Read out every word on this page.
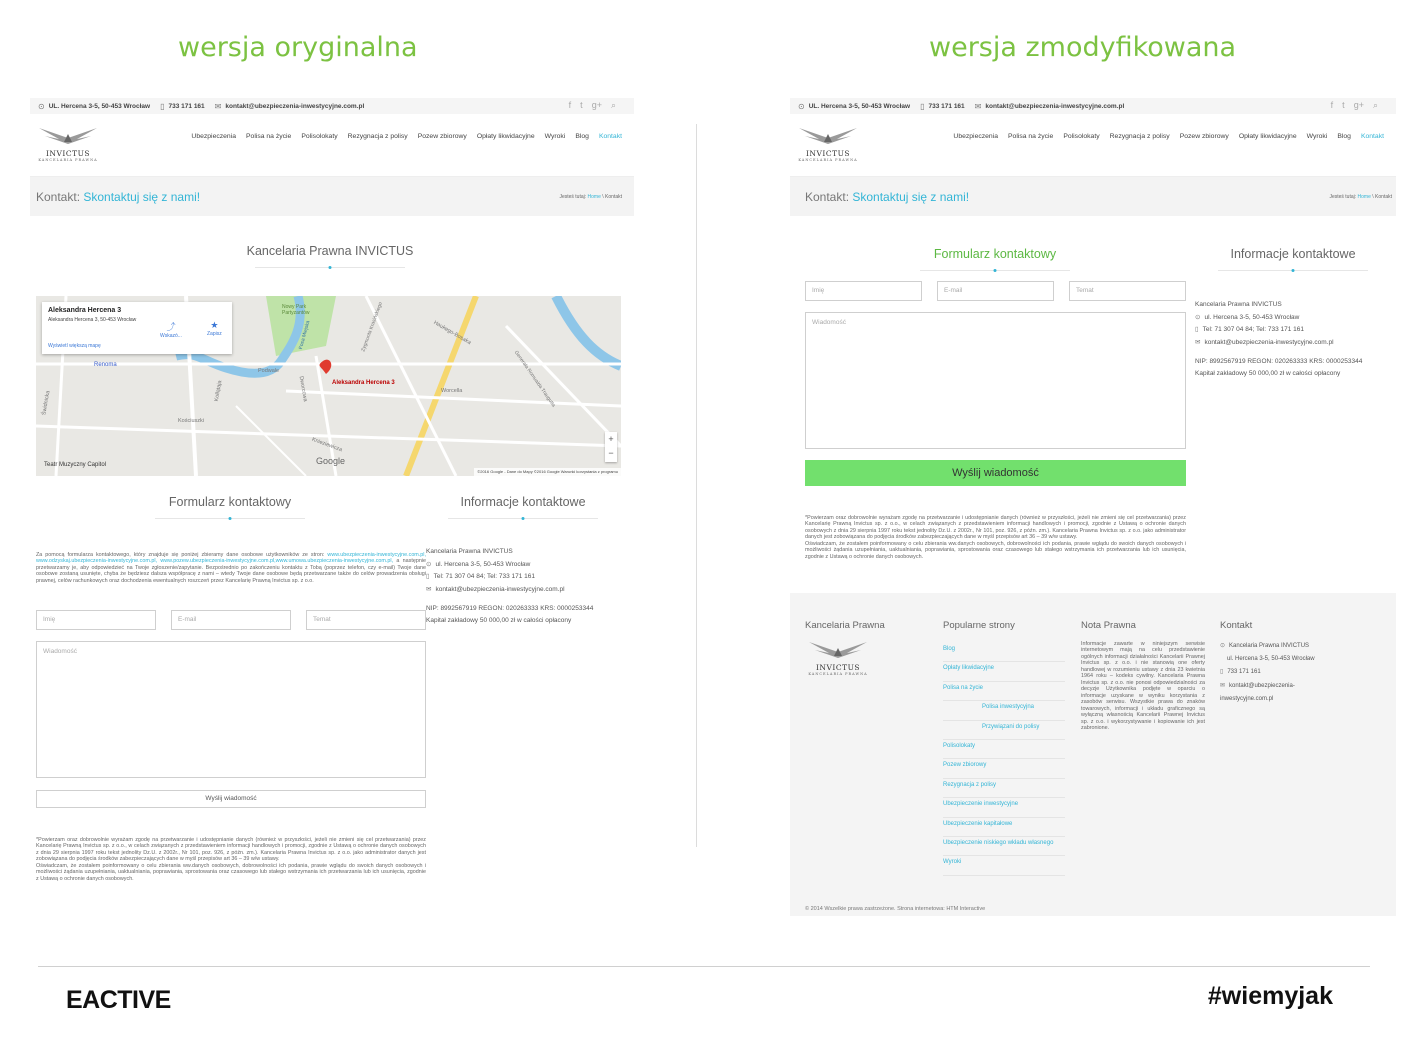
wersja oryginalna	wersja zmodyfikowana
⊙ UL. Hercena 3-5, 50-453 Wrocław ▯ 733 171 161 ✉ kontakt@ubezpieczenia-inwestycyjne.com.pl	f t g+ ⌕
INVICTUS
KANCELARIA PRAWNA
Ubezpieczenia Polisa na życie Polisolokaty Rezygnacja z polisy Pozew zbiorowy Opłaty likwidacyjne Wyroki Blog Kontakt
Kontakt: Skontaktuj się z nami!	Jesteś tutaj: Home \ Kontakt
Kancelaria Prawna INVICTUS
Aleksandra Hercena 3
Aleksandra Hercena 3, 50-453 Wrocław
⤴
Wskazó...
★
Zapisz
Wyświetl większą mapę
Aleksandra Hercena 3
Renoma
Teatr Muzyczny Capitol
Nowy Park Partyzantów
Podwale
Kościuszki
Dworcowa
Zygmunta Krasińskiego	Haukego-Bosaka
Worcella
Kołłątaja
Knieziewicza
Generała Romualda Traugutta
Świdnicka
Fosa Miejska
Google
+
−
©2016 Google - Dane do Mapy ©2016 Google Warunki korzystania z programu
Formularz kontaktowy	Informacje kontaktowe
Za pomocą formularza kontaktowego, który znajduje się poniżej zbieramy dane osobowe użytkowników ze stron: www.ubezpieczenia-inwestycyjne.com.pl, www.odzyskaj.ubezpieczenia-inwestycyjne.com.pl, www.pozew.ubezpieczenia-inwestycyjne.com.pl,www.umowa.ubezpieczenia-inwestycyjne.com.pl, a następnie przetwarzamy je, aby odpowiedzieć na Twoje zgłoszenie/zapytanie. Bezpośrednio po zakończeniu kontaktu z Tobą (poprzez telefon, czy e-mail) Twoje dane osobowe zostaną usunięte, chyba że będziesz dalsza współpracę z nami – wtedy Twoje dane osobowe będą przetwarzane także do celów prowadzenia obsługi prawnej, celów rachunkowych oraz dochodzenia ewentualnych roszczeń przez Kancelarię Prawną Invictus sp. z o.o.
Kancelaria Prawna INVICTUS
⊙ ul. Hercena 3-5, 50-453 Wrocław
▯ Tel: 71 307 04 84; Tel: 733 171 161
✉ kontakt@ubezpieczenia-inwestycyjne.com.pl
NIP: 8992567919 REGON: 020263333 KRS: 0000253344
Kapitał zakładowy 50 000,00 zł w całości opłacony
Imię	E-mail	Temat
Wiadomość
Wyślij wiadomość
*Powierzam oraz dobrowolnie wyrażam zgodę na przetwarzanie i udostępnianie danych (również w przyszłości, jeżeli nie zmieni się cel przetwarzania) przez Kancelarię Prawną Invictus sp. z o.o., w celach związanych z przedstawieniem informacji handlowych i promocji, zgodnie z Ustawą o ochronie danych osobowych z dnia 29 sierpnia 1997 roku tekst jednolity Dz.U. z 2002r., Nr 101, poz. 926, z późn. zm.). Kancelaria Prawna Invictus sp. z o.o. jako administrator danych jest zobowiązana do podjęcia środków zabezpieczających dane w myśl przepisów art 36 – 39 w/w ustawy.
Oświadczam, że zostałem poinformowany o celu zbierania ww.danych osobowych, dobrowolności ich podania, prawie wglądu do swoich danych osobowych i możliwości żądania uzupełniania, uaktualniania, poprawiania, sprostowania oraz czasowego lub stałego wstrzymania ich przetwarzania lub ich usunięcia, zgodnie z Ustawą o ochronie danych osobowych.
⊙ UL. Hercena 3-5, 50-453 Wrocław ▯ 733 171 161 ✉ kontakt@ubezpieczenia-inwestycyjne.com.pl	f t g+ ⌕
INVICTUS
KANCELARIA PRAWNA
Ubezpieczenia Polisa na życie Polisolokaty Rezygnacja z polisy Pozew zbiorowy Opłaty likwidacyjne Wyroki Blog Kontakt
Kontakt: Skontaktuj się z nami!	Jesteś tutaj: Home \ Kontakt
Formularz kontaktowy	Informacje kontaktowe
Imię	E-mail	Temat
Wiadomość
Wyślij wiadomość
Kancelaria Prawna INVICTUS
⊙ ul. Hercena 3-5, 50-453 Wrocław
▯ Tel: 71 307 04 84; Tel: 733 171 161
✉ kontakt@ubezpieczenia-inwestycyjne.com.pl
NIP: 8992567919 REGON: 020263333 KRS: 0000253344
Kapitał zakładowy 50 000,00 zł w całości opłacony
*Powierzam oraz dobrowolnie wyrażam zgodę na przetwarzanie i udostępnianie danych (również w przyszłości, jeżeli nie zmieni się cel przetwarzania) przez Kancelarię Prawną Invictus sp. z o.o., w celach związanych z przedstawieniem informacji handlowych i promocji, zgodnie z Ustawą o ochronie danych osobowych z dnia 29 sierpnia 1997 roku tekst jednolity Dz.U. z 2002r., Nr 101, poz. 926, z późn. zm.). Kancelaria Prawna Invictus sp. z o.o. jako administrator danych jest zobowiązana do podjęcia środków zabezpieczających dane w myśl przepisów art 36 – 39 w/w ustawy.
Oświadczam, że zostałem poinformowany o celu zbierania ww.danych osobowych, dobrowolności ich podania, prawie wglądu do swoich danych osobowych i możliwości żądania uzupełniania, uaktualniania, poprawiania, sprostowania oraz czasowego lub stałego wstrzymania ich przetwarzania lub ich usunięcia, zgodnie z Ustawą o ochronie danych osobowych.
Kancelaria Prawna
INVICTUS
KANCELARIA PRAWNA
Popularne strony
Blog
Opłaty likwidacyjne
Polisa na życie
Polisa inwestycyjna
Przywiązani do polisy
Polisolokaty
Pozew zbiorowy
Rezygnacja z polisy
Ubezpieczenie inwestycyjne
Ubezpieczenie kapitałowe
Ubezpieczenie niskiego wkładu własnego
Wyroki
Nota Prawna
Informacje zawarte w niniejszym serwisie internetowym mają na celu przedstawienie ogólnych informacji działalności Kancelarii Prawnej Invictus sp. z o.o. i nie stanowią one oferty handlowej w rozumieniu ustawy z dnia 23 kwietnia 1964 roku – kodeks cywilny. Kancelaria Prawna Invictus sp. z o.o. nie ponosi odpowiedzialności za decyzje Użytkownika podjęte w oparciu o informacje uzyskane w wyniku korzystania z zasobów serwisu. Wszystkie prawa do znaków towarowych, informacji i układu graficznego są wyłączną własnością Kancelarii Prawnej Invictus sp. z o.o. i wykorzystywanie i kopiowanie ich jest zabronione.
Kontakt
⊙ Kancelaria Prawna INVICTUS
ul. Hercena 3-5, 50-453 Wrocław
▯ 733 171 161
✉ kontakt@ubezpieczenia-
inwestycyjne.com.pl
© 2014 Wszelkie prawa zastrzeżone. Strona internetowa: HTM Interactive
EACTIVE	#wiemyjak
